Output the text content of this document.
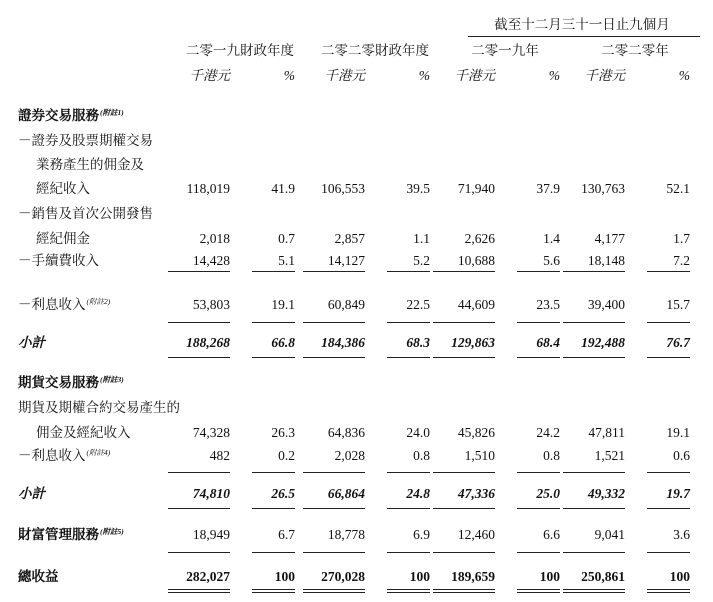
截至十二月三十一日止九個月
二零一九財政年度	二零二零財政年度	二零一九年	二零二零年
千港元	%	千港元	%	千港元	%	千港元	%
證券交易服務$^{(附註1)}$
－證券及股票期權交易
業務產生的佣金及
經紀收入	118,019	41.9	106,553	39.5	71,940	37.9	130,763	52.1
－銷售及首次公開發售
經紀佣金	2,018	0.7	2,857	1.1	2,626	1.4	4,177	1.7
－手續費收入	14,428	5.1	14,127	5.2	10,688	5.6	18,148	7.2
－利息收入$^{(附註2)}$	53,803	19.1	60,849	22.5	44,609	23.5	39,400	15.7
小計	188,268	66.8	184,386	68.3	129,863	68.4	192,488	76.7
期貨交易服務$^{(附註3)}$
期貨及期權合約交易產生的
佣金及經紀收入	74,328	26.3	64,836	24.0	45,826	24.2	47,811	19.1
－利息收入$^{(附註4)}$	482	0.2	2,028	0.8	1,510	0.8	1,521	0.6
小計	74,810	26.5	66,864	24.8	47,336	25.0	49,332	19.7
財富管理服務$^{(附註5)}$	18,949	6.7	18,778	6.9	12,460	6.6	9,041	3.6
總收益	282,027	100	270,028	100	189,659	100	250,861	100
